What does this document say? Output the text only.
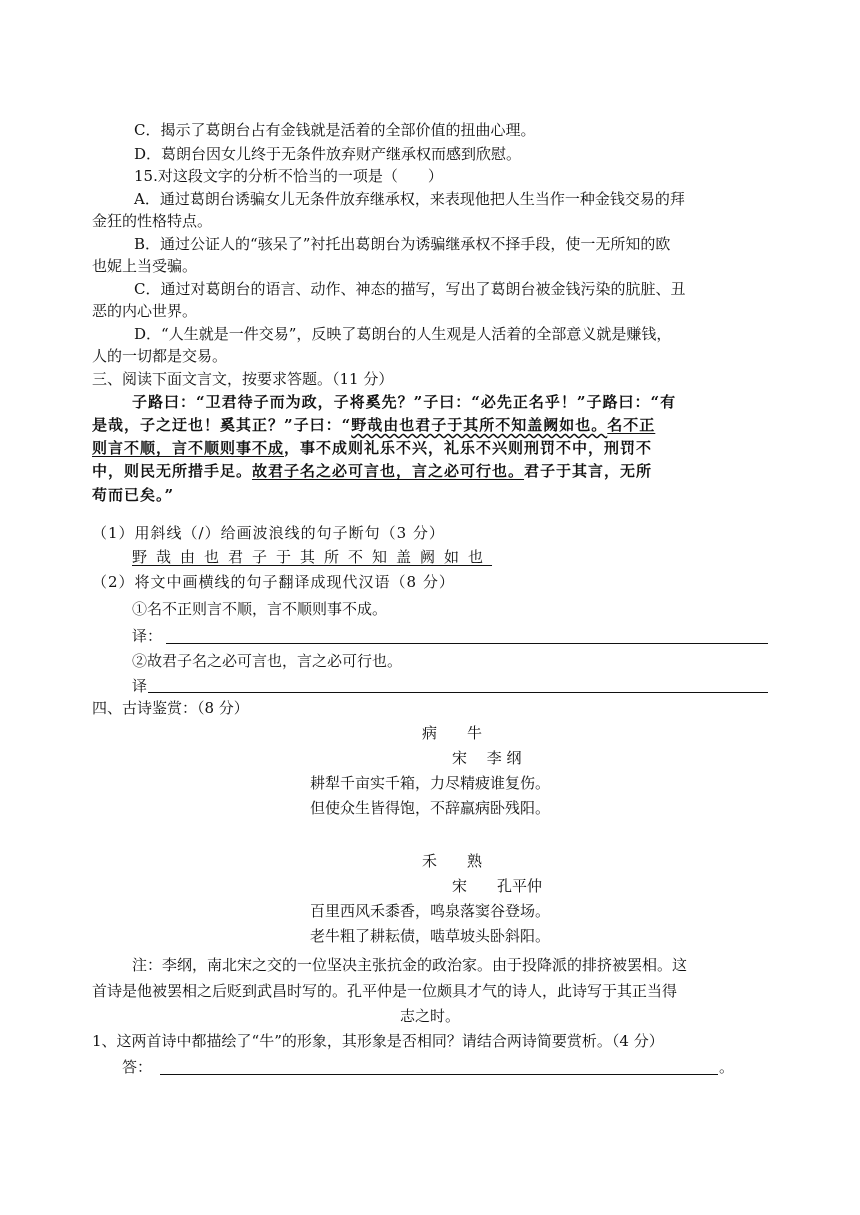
C．揭示了葛朗台占有金钱就是活着的全部价值的扭曲心理。
D．葛朗台因女儿终于无条件放弃财产继承权而感到欣慰。
15.对这段文字的分析不恰当的一项是（　　）
A．通过葛朗台诱骗女儿无条件放弃继承权，来表现他把人生当作一种金钱交易的拜
金狂的性格特点。
B．通过公证人的“骇呆了”衬托出葛朗台为诱骗继承权不择手段，使一无所知的欧
也妮上当受骗。
C．通过对葛朗台的语言、动作、神态的描写，写出了葛朗台被金钱污染的肮脏、丑
恶的内心世界。
D．“人生就是一件交易”，反映了葛朗台的人生观是人活着的全部意义就是赚钱，
人的一切都是交易。
三、阅读下面文言文，按要求答题。（11 分）
子路曰：“卫君待子而为政，子将奚先？”子曰：“必先正名乎！”子路曰：“有
是哉，子之迂也！奚其正？”子曰：“野哉由也君子于其所不知盖阙如也。名不正
则言不顺，言不顺则事不成，事不成则礼乐不兴，礼乐不兴则刑罚不中，刑罚不
中，则民无所措手足。故君子名之必可言也，言之必可行也。君子于其言，无所
苟而已矣。”
（1）用斜线（/）给画波浪线的句子断句（3 分）
野哉由也君子于其所不知盖阙如也
（2）将文中画横线的句子翻译成现代汉语（8 分）
①名不正则言不顺，言不顺则事不成。
译：
②故君子名之必可言也，言之必可行也。
译
四、古诗鉴赏：（8 分）
病　　牛
宋　 李 纲
耕犁千亩实千箱，力尽精疲谁复伤。
但使众生皆得饱，不辞羸病卧残阳。
禾　　熟
宋　　孔平仲
百里西风禾黍香，鸣泉落窦谷登场。
老牛粗了耕耘债，啮草坡头卧斜阳。
注：李纲，南北宋之交的一位坚决主张抗金的政治家。由于投降派的排挤被罢相。这
首诗是他被罢相之后贬到武昌时写的。孔平仲是一位颇具才气的诗人，此诗写于其正当得
志之时。
1、这两首诗中都描绘了“牛”的形象，其形象是否相同？请结合两诗简要赏析。（4 分）
答：	。
